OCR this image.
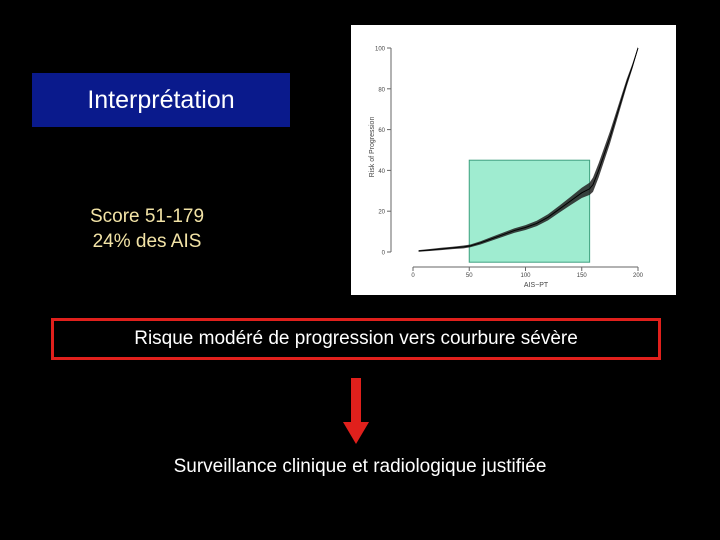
Interprétation
Score 51-179
24% des AIS
0
20
40
60
80
100
0	50	100	150	200
AIS−PT
Risk of Progression
Risque modéré de progression vers courbure sévère
Surveillance clinique et radiologique justifiée
